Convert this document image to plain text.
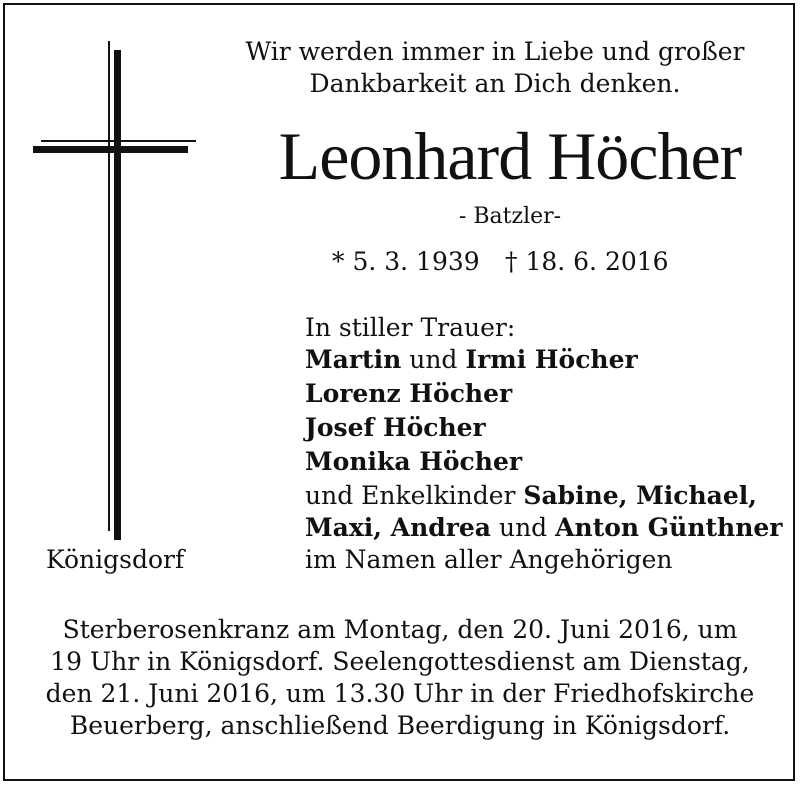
Wir werden immer in Liebe und großer
Dankbarkeit an Dich denken.
Leonhard Höcher
- Batzler-
* 5. 3. 1939 † 18. 6. 2016
In stiller Trauer:
Martin und Irmi Höcher
Lorenz Höcher
Josef Höcher
Monika Höcher
und Enkelkinder Sabine, Michael,
Maxi, Andrea und Anton Günthner
im Namen aller Angehörigen
Königsdorf
Sterberosenkranz am Montag, den 20. Juni 2016, um
19 Uhr in Königsdorf. Seelengottesdienst am Dienstag,
den 21. Juni 2016, um 13.30 Uhr in der Friedhofskirche
Beuerberg, anschließend Beerdigung in Königsdorf.
